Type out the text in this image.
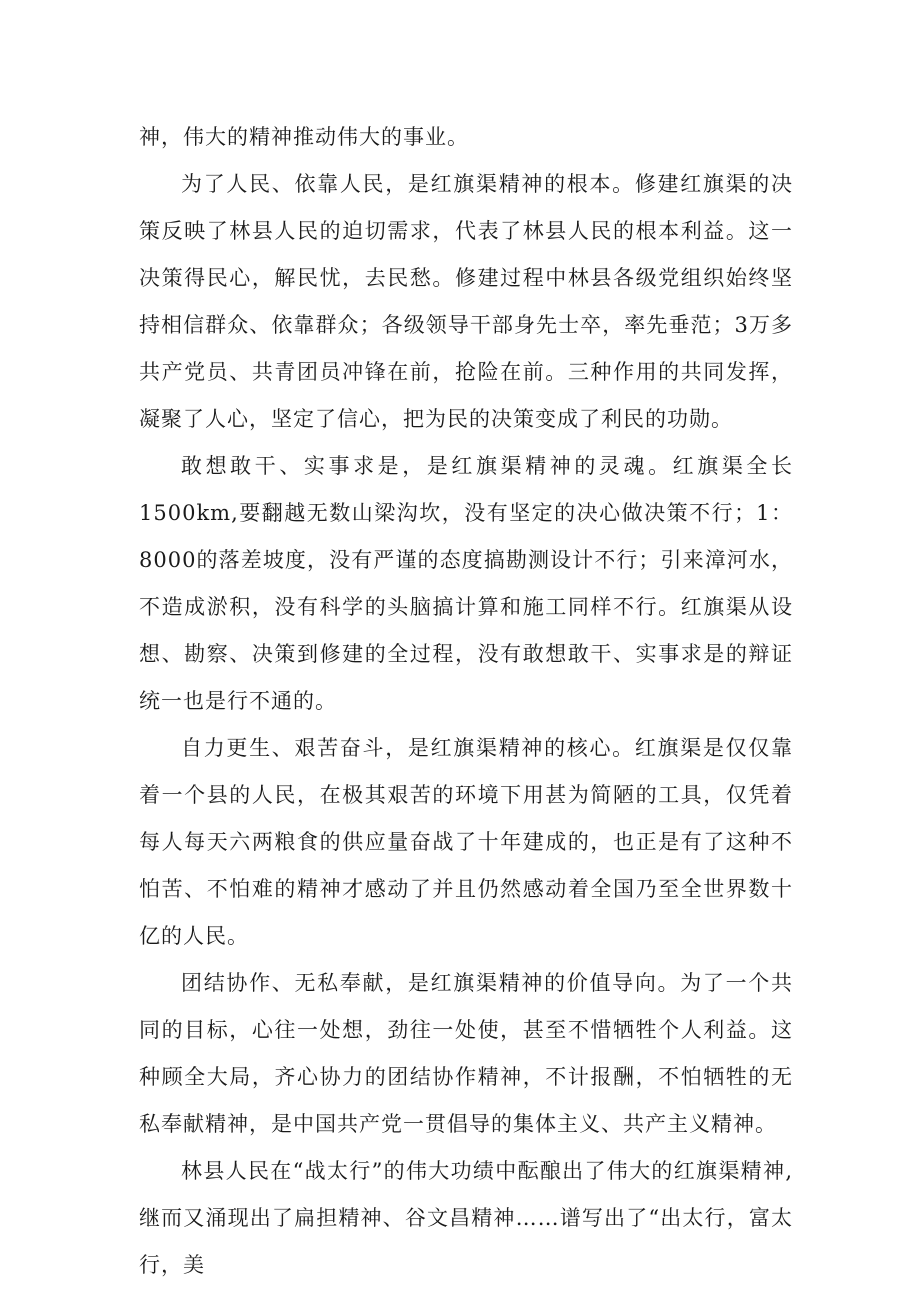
神，伟大的精神推动伟大的事业。

为了人民、依靠人民，是红旗渠精神的根本。修建红旗渠的决策反映了林县人民的迫切需求，代表了林县人民的根本利益。这一决策得民心，解民忧，去民愁。修建过程中林县各级党组织始终坚持相信群众、依靠群众；各级领导干部身先士卒，率先垂范；3万多共产党员、共青团员冲锋在前，抢险在前。三种作用的共同发挥，凝聚了人心，坚定了信心，把为民的决策变成了利民的功勋。

敢想敢干、实事求是，是红旗渠精神的灵魂。红旗渠全长1500km,要翻越无数山梁沟坎，没有坚定的决心做决策不行；1：8000的落差坡度，没有严谨的态度搞勘测设计不行；引来漳河水，不造成淤积，没有科学的头脑搞计算和施工同样不行。红旗渠从设想、勘察、决策到修建的全过程，没有敢想敢干、实事求是的辩证统一也是行不通的。

自力更生、艰苦奋斗，是红旗渠精神的核心。红旗渠是仅仅靠着一个县的人民，在极其艰苦的环境下用甚为简陋的工具，仅凭着每人每天六两粮食的供应量奋战了十年建成的，也正是有了这种不怕苦、不怕难的精神才感动了并且仍然感动着全国乃至全世界数十亿的人民。

团结协作、无私奉献，是红旗渠精神的价值导向。为了一个共同的目标，心往一处想，劲往一处使，甚至不惜牺牲个人利益。这种顾全大局，齐心协力的团结协作精神，不计报酬，不怕牺牲的无私奉献精神，是中国共产党一贯倡导的集体主义、共产主义精神。

林县人民在“战太行”的伟大功绩中酝酿出了伟大的红旗渠精神,继而又涌现出了扁担精神、谷文昌精神……谱写出了“出太行，富太行，美
